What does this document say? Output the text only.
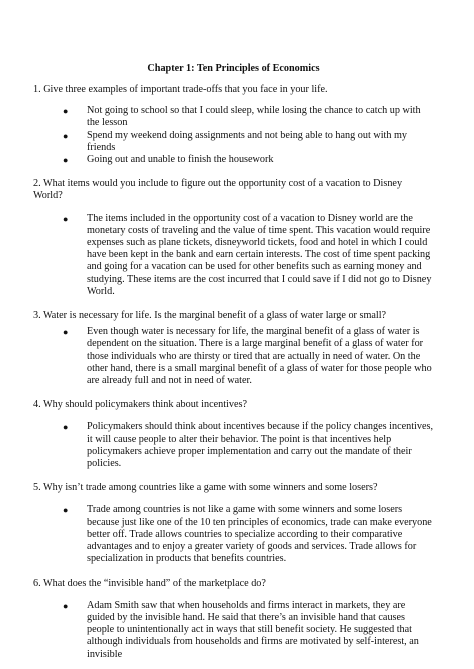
Chapter 1: Ten Principles of Economics

1. Give three examples of important trade-offs that you face in your life.

● Not going to school so that I could sleep, while losing the chance to catch up with the lesson
● Spend my weekend doing assignments and not being able to hang out with my friends
● Going out and unable to finish the housework

2. What items would you include to figure out the opportunity cost of a vacation to Disney World?

● The items included in the opportunity cost of a vacation to Disney world are the monetary costs of traveling and the value of time spent. This vacation would require expenses such as plane tickets, disneyworld tickets, food and hotel in which I could have been kept in the bank and earn certain interests. The cost of time spent packing and going for a vacation can be used for other benefits such as earning money and studying. These items are the cost incurred that I could save if I did not go to Disney World.

3. Water is necessary for life. Is the marginal benefit of a glass of water large or small?

● Even though water is necessary for life, the marginal benefit of a glass of water is dependent on the situation. There is a large marginal benefit of a glass of water for those individuals who are thirsty or tired that are actually in need of water. On the other hand, there is a small marginal benefit of a glass of water for those people who are already full and not in need of water.

4. Why should policymakers think about incentives?

● Policymakers should think about incentives because if the policy changes incentives, it will cause people to alter their behavior. The point is that incentives help policymakers achieve proper implementation and carry out the mandate of their policies.

5. Why isn’t trade among countries like a game with some winners and some losers?

● Trade among countries is not like a game with some winners and some losers because just like one of the 10 ten principles of economics, trade can make everyone better off. Trade allows countries to specialize according to their comparative advantages and to enjoy a greater variety of goods and services. Trade allows for specialization in products that benefits countries.

6. What does the “invisible hand” of the marketplace do?

● Adam Smith saw that when households and firms interact in markets, they are guided by the invisible hand. He said that there’s an invisible hand that causes people to unintentionally act in ways that still benefit society. He suggested that although individuals from households and firms are motivated by self-interest, an invisible
